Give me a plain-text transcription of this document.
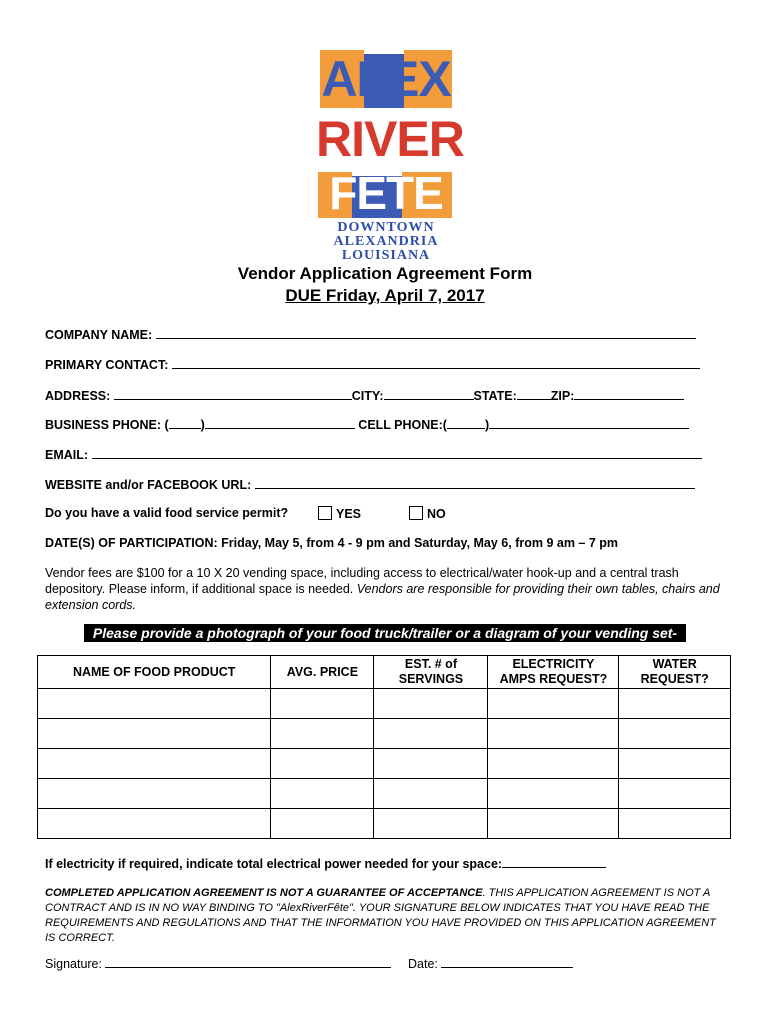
ALEX
RIVER
FÊTE
DOWNTOWN
ALEXANDRIA
LOUISIANA
Vendor Application Agreement Form
DUE Friday, April 7, 2017
COMPANY NAME:
PRIMARY CONTACT:
ADDRESS:	CITY:	STATE:	ZIP:
BUSINESS PHONE: (	)	CELL PHONE:(	)
EMAIL:
WEBSITE and/or FACEBOOK URL:
Do you have a valid food service permit?	YES	NO
DATE(S) OF PARTICIPATION: Friday, May 5, from 4 - 9 pm and Saturday, May 6, from 9 am – 7 pm
Vendor fees are $100 for a 10 X 20 vending space, including access to electrical/water hook-up and a central trash depository. Please inform, if additional space is needed. Vendors are responsible for providing their own tables, chairs and extension cords.
Please provide a photograph of your food truck/trailer or a diagram of your vending set-up.
NAME OF FOOD PRODUCT	AVG. PRICE	EST. # of SERVINGS	ELECTRICITY AMPS REQUEST?	WATER REQUEST?

If electricity if required, indicate total electrical power needed for your space:
COMPLETED APPLICATION AGREEMENT IS NOT A GUARANTEE OF ACCEPTANCE. THIS APPLICATION AGREEMENT IS NOT A CONTRACT AND IS IN NO WAY BINDING TO "AlexRiverFête". YOUR SIGNATURE BELOW INDICATES THAT YOU HAVE READ THE REQUIREMENTS AND REGULATIONS AND THAT THE INFORMATION YOU HAVE PROVIDED ON THIS APPLICATION AGREEMENT IS CORRECT.
Signature:	Date:
